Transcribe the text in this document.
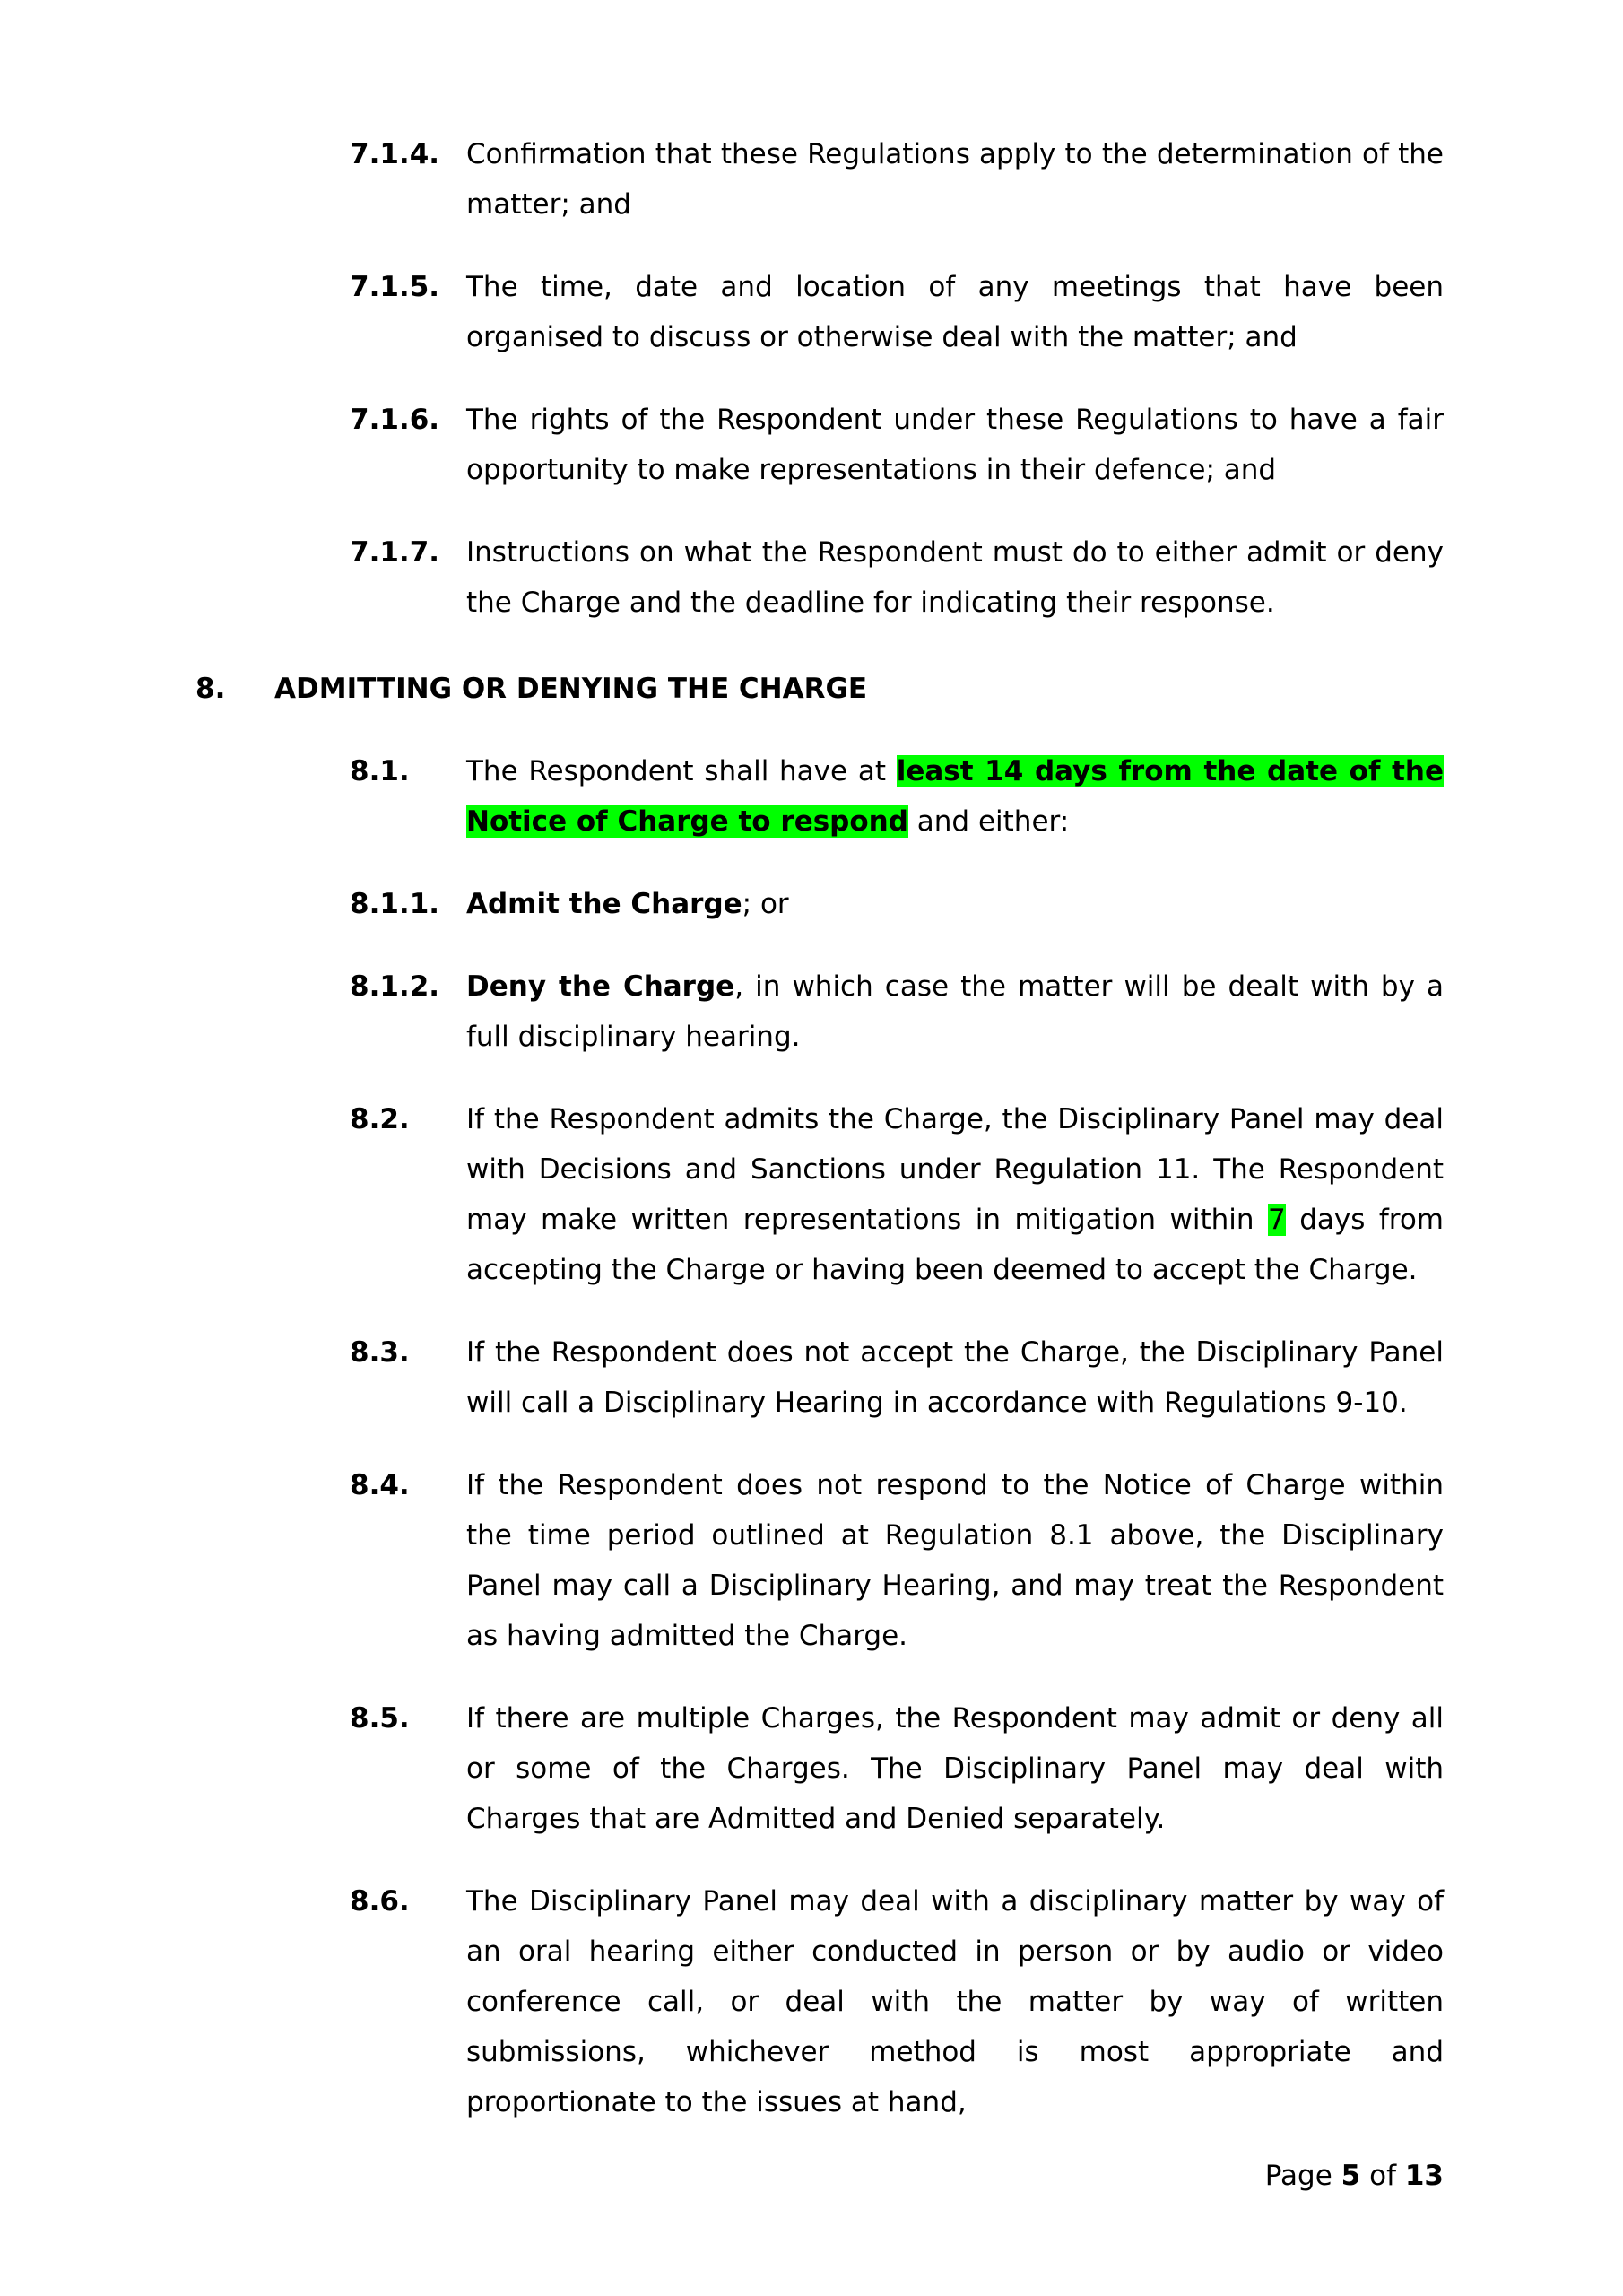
7.1.4. Confirmation that these Regulations apply to the determination of the matter; and
7.1.5. The time, date and location of any meetings that have been organised to discuss or otherwise deal with the matter; and
7.1.6. The rights of the Respondent under these Regulations to have a fair opportunity to make representations in their defence; and
7.1.7. Instructions on what the Respondent must do to either admit or deny the Charge and the deadline for indicating their response.
8. ADMITTING OR DENYING THE CHARGE
8.1. The Respondent shall have at least 14 days from the date of the Notice of Charge to respond and either:
8.1.1. Admit the Charge; or
8.1.2. Deny the Charge, in which case the matter will be dealt with by a full disciplinary hearing.
8.2. If the Respondent admits the Charge, the Disciplinary Panel may deal with Decisions and Sanctions under Regulation 11. The Respondent may make written representations in mitigation within 7 days from accepting the Charge or having been deemed to accept the Charge.
8.3. If the Respondent does not accept the Charge, the Disciplinary Panel will call a Disciplinary Hearing in accordance with Regulations 9-10.
8.4. If the Respondent does not respond to the Notice of Charge within the time period outlined at Regulation 8.1 above, the Disciplinary Panel may call a Disciplinary Hearing, and may treat the Respondent as having admitted the Charge.
8.5. If there are multiple Charges, the Respondent may admit or deny all or some of the Charges. The Disciplinary Panel may deal with Charges that are Admitted and Denied separately.
8.6. The Disciplinary Panel may deal with a disciplinary matter by way of an oral hearing either conducted in person or by audio or video conference call, or deal with the matter by way of written submissions, whichever method is most appropriate and proportionate to the issues at hand,
Page 5 of 13
